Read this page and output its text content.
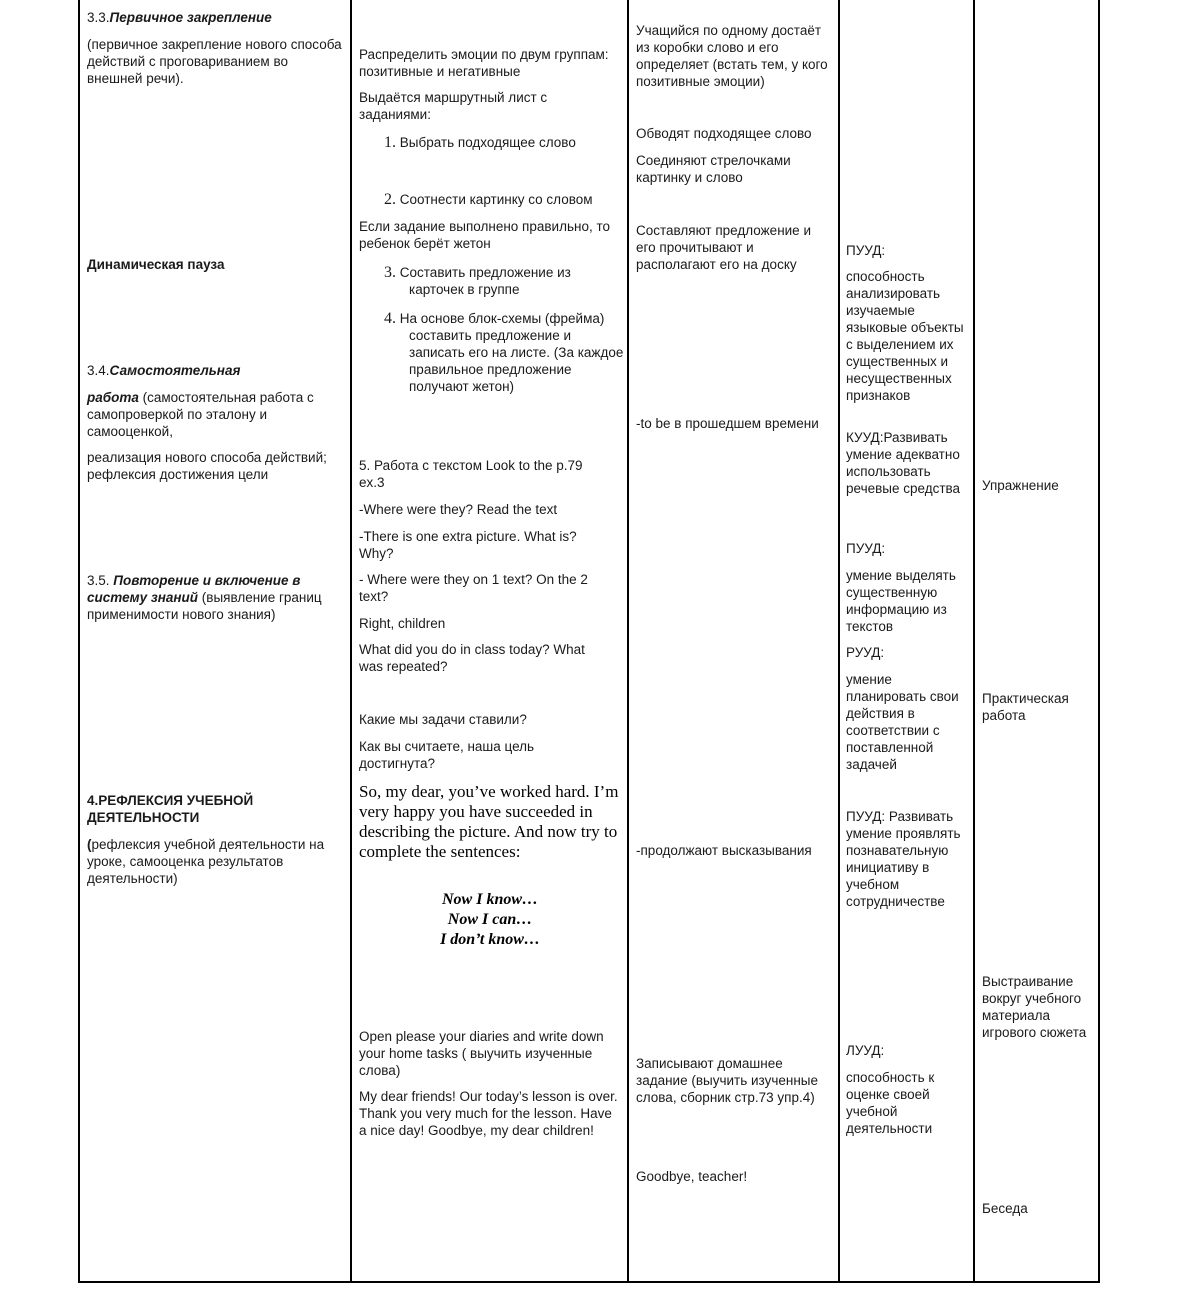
3.3.Первичное закрепление

(первичное закрепление нового способа действий с проговариванием во внешней речи).

Динамическая пауза

3.4.Самостоятельная

работа (самостоятельная работа с самопроверкой по эталону и самооценкой,

реализация нового способа действий; рефлексия достижения цели

3.5. Повторение и включение в систему знаний (выявление границ применимости нового знания)

4.РЕФЛЕКСИЯ УЧЕБНОЙ ДЕЯТЕЛЬНОСТИ

(рефлексия учебной деятельности на уроке, самооценка результатов деятельности)

Распределить эмоции по двум группам: позитивные и негативные

Выдаётся маршрутный лист с заданиями:

1. Выбрать подходящее слово

2. Соотнести картинку со словом

Если задание выполнено правильно, то ребенок берёт жетон

3. Составить предложение из карточек в группе

4. На основе блок-схемы (фрейма) составить предложение и записать его на листе. (За каждое правильное предложение получают жетон)

5. Работа с текстом Look to the p.79 ex.3

-Where were they? Read the text

-There is one extra picture. What is? Why?

- Where were they on 1 text? On the 2 text?

Right, children

What did you do in class today? What was repeated?

Какие мы задачи ставили?

Как вы считаете, наша цель достигнута?

So, my dear, you’ve worked hard. I’m very happy you have succeeded in describing the picture. And now try to complete the sentences:

Now I know…

Now I can…

I don’t know…

Open please your diaries and write down your home tasks ( выучить изученные слова)

My dear friends! Our today’s lesson is over. Thank you very much for the lesson. Have a nice day! Goodbye, my dear children!

Учащийся по одному достаёт из коробки слово и его определяет (встать тем, у кого позитивные эмоции)

Обводят подходящее слово

Соединяют стрелочками картинку и слово

Составляют предложение и его прочитывают и располагают его на доску

-to be в прошедшем времени

-продолжают высказывания

Записывают домашнее задание (выучить изученные слова, сборник стр.73 упр.4)

Goodbye, teacher!

ПУУД:

способность анализировать изучаемые языковые объекты с выделением их существенных и несущественных признаков

КУУД:Развивать умение адекватно использовать речевые средства

ПУУД:

умение выделять существенную информацию из текстов

РУУД:

умение планировать свои действия в соответствии с поставленной задачей

ПУУД: Развивать умение проявлять познавательную инициативу в учебном сотрудничестве

ЛУУД:

способность к оценке своей учебной деятельности

Упражнение

Практическая работа

Выстраивание вокруг учебного материала игрового сюжета

Беседа
